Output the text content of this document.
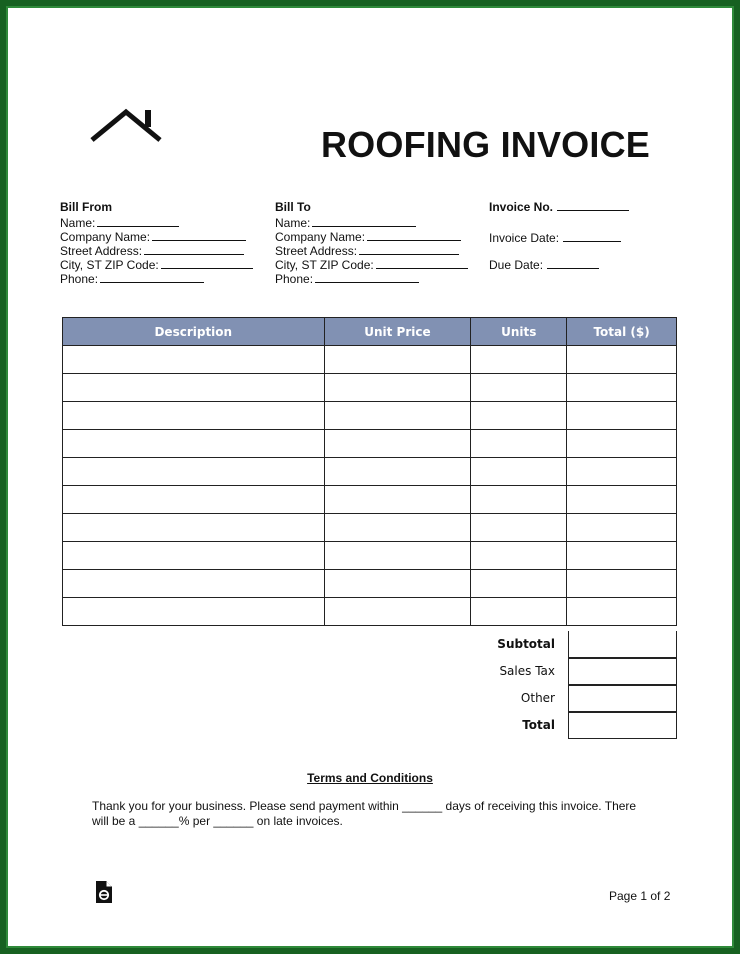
ROOFING INVOICE
Bill From
Name:
Company Name:
Street Address:
City, ST ZIP Code:
Phone:
Bill To
Name:
Company Name:
Street Address:
City, ST ZIP Code:
Phone:
Invoice No.
Invoice Date:
Due Date:
Description	Unit Price	Units	Total ($)

Subtotal
Sales Tax
Other
Total
Terms and Conditions
Thank you for your business. Please send payment within ______ days of receiving this invoice. There will be a ______% per ______ on late invoices.
Page 1 of 2
